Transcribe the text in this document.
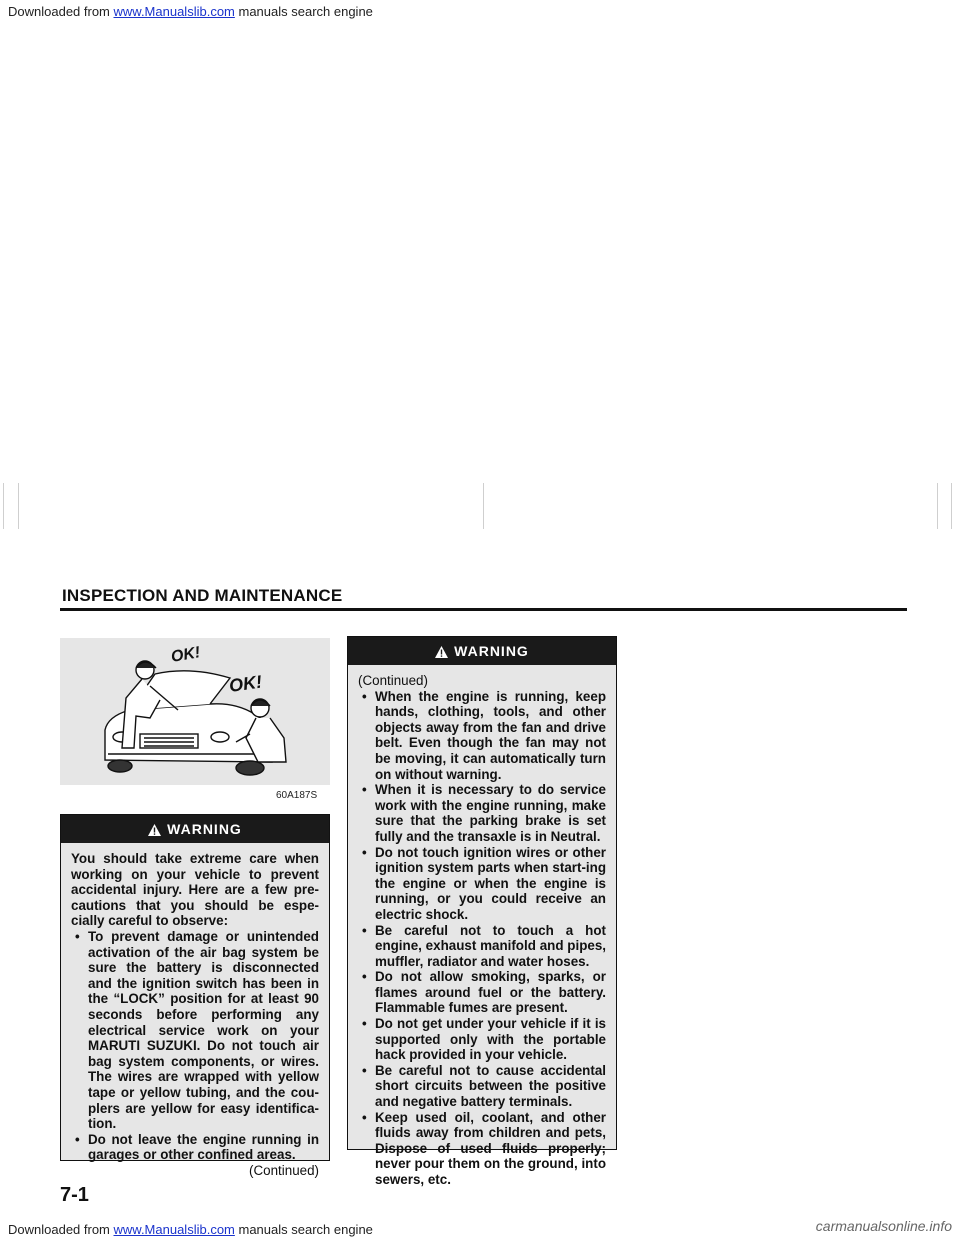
Downloaded from www.Manualslib.com manuals search engine
INSPECTION AND MAINTENANCE
OK!
OK!
60A187S
WARNING

You should take extreme care when working on your vehicle to prevent accidental injury. Here are a few pre-cautions that you should be espe-cially careful to observe:

• To prevent damage or unintended activation of the air bag system be sure the battery is disconnected and the ignition switch has been in the “LOCK” position for at least 90 seconds before performing any electrical service work on your MARUTI SUZUKI. Do not touch air bag system components, or wires. The wires are wrapped with yellow tape or yellow tubing, and the cou-plers are yellow for easy identifica-tion.
• Do not leave the engine running in garages or other confined areas.
(Continued)
WARNING
(Continued)
• When the engine is running, keep hands, clothing, tools, and other objects away from the fan and drive belt. Even though the fan may not be moving, it can automatically turn on without warning.
• When it is necessary to do service work with the engine running, make sure that the parking brake is set fully and the transaxle is in Neutral.
• Do not touch ignition wires or other ignition system parts when start-ing the engine or when the engine is running, or you could receive an electric shock.
• Be careful not to touch a hot engine, exhaust manifold and pipes, muffler, radiator and water hoses.
• Do not allow smoking, sparks, or flames around fuel or the battery. Flammable fumes are present.
• Do not get under your vehicle if it is supported only with the portable hack provided in your vehicle.
• Be careful not to cause accidental short circuits between the positive and negative battery terminals.
• Keep used oil, coolant, and other fluids away from children and pets, Dispose of used fluids properly; never pour them on the ground, into sewers, etc.
7-1
Downloaded from www.Manualslib.com manuals search engine	carmanualsonline.info
